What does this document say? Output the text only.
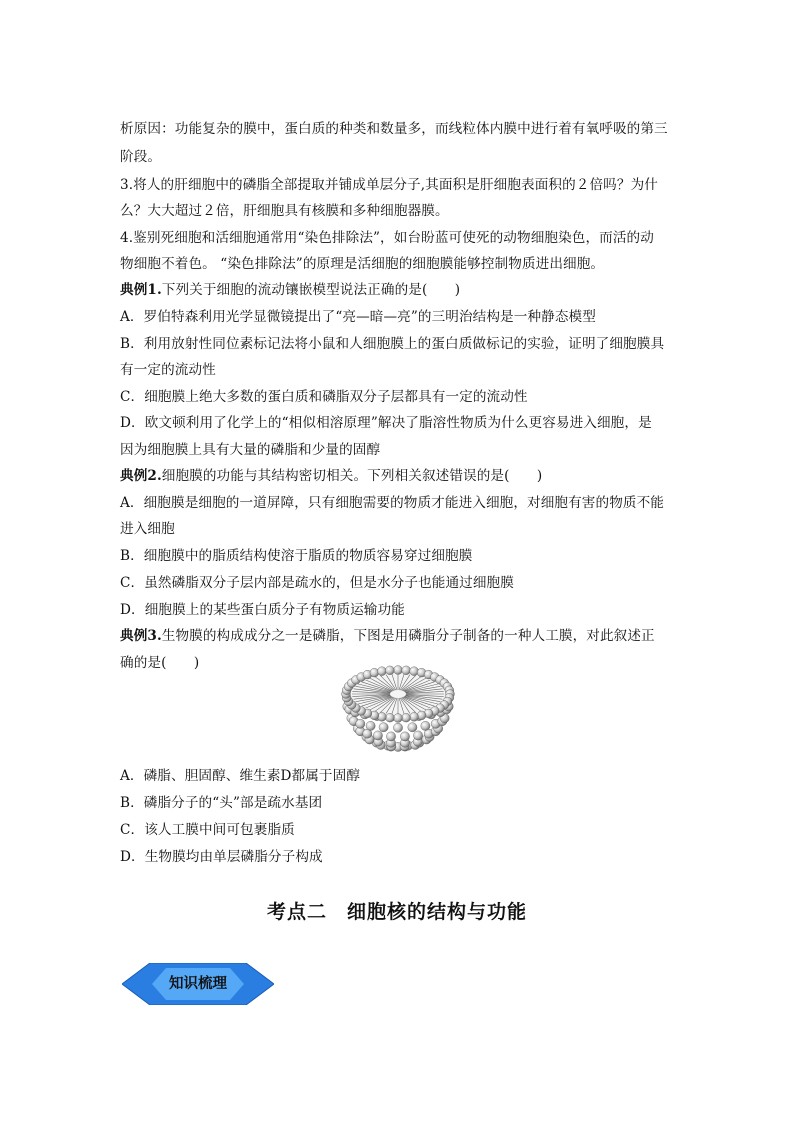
析原因：功能复杂的膜中，蛋白质的种类和数量多，而线粒体内膜中进行着有氧呼吸的第三
阶段。
3.将人的肝细胞中的磷脂全部提取并铺成单层分子,其面积是肝细胞表面积的２倍吗？为什
么？大大超过２倍，肝细胞具有核膜和多种细胞器膜。
4.鉴别死细胞和活细胞通常用“染色排除法”，如台盼蓝可使死的动物细胞染色，而活的动
物细胞不着色。 “染色排除法”的原理是活细胞的细胞膜能够控制物质进出细胞。
典例1.下列关于细胞的流动镶嵌模型说法正确的是(　　)
A．罗伯特森利用光学显微镜提出了“亮—暗—亮”的三明治结构是一种静态模型
B．利用放射性同位素标记法将小鼠和人细胞膜上的蛋白质做标记的实验，证明了细胞膜具
有一定的流动性
C．细胞膜上绝大多数的蛋白质和磷脂双分子层都具有一定的流动性
D．欧文顿利用了化学上的“相似相溶原理”解决了脂溶性物质为什么更容易进入细胞，是
因为细胞膜上具有大量的磷脂和少量的固醇
典例2.细胞膜的功能与其结构密切相关。下列相关叙述错误的是(　　)
A．细胞膜是细胞的一道屏障，只有细胞需要的物质才能进入细胞，对细胞有害的物质不能
进入细胞
B．细胞膜中的脂质结构使溶于脂质的物质容易穿过细胞膜
C．虽然磷脂双分子层内部是疏水的，但是水分子也能通过细胞膜
D．细胞膜上的某些蛋白质分子有物质运输功能
典例3.生物膜的构成成分之一是磷脂，下图是用磷脂分子制备的一种人工膜，对此叙述正
确的是(　　)
A．磷脂、胆固醇、维生素D都属于固醇
B．磷脂分子的“头”部是疏水基团
C．该人工膜中间可包裹脂质
D．生物膜均由单层磷脂分子构成
考点二　细胞核的结构与功能
知识梳理
